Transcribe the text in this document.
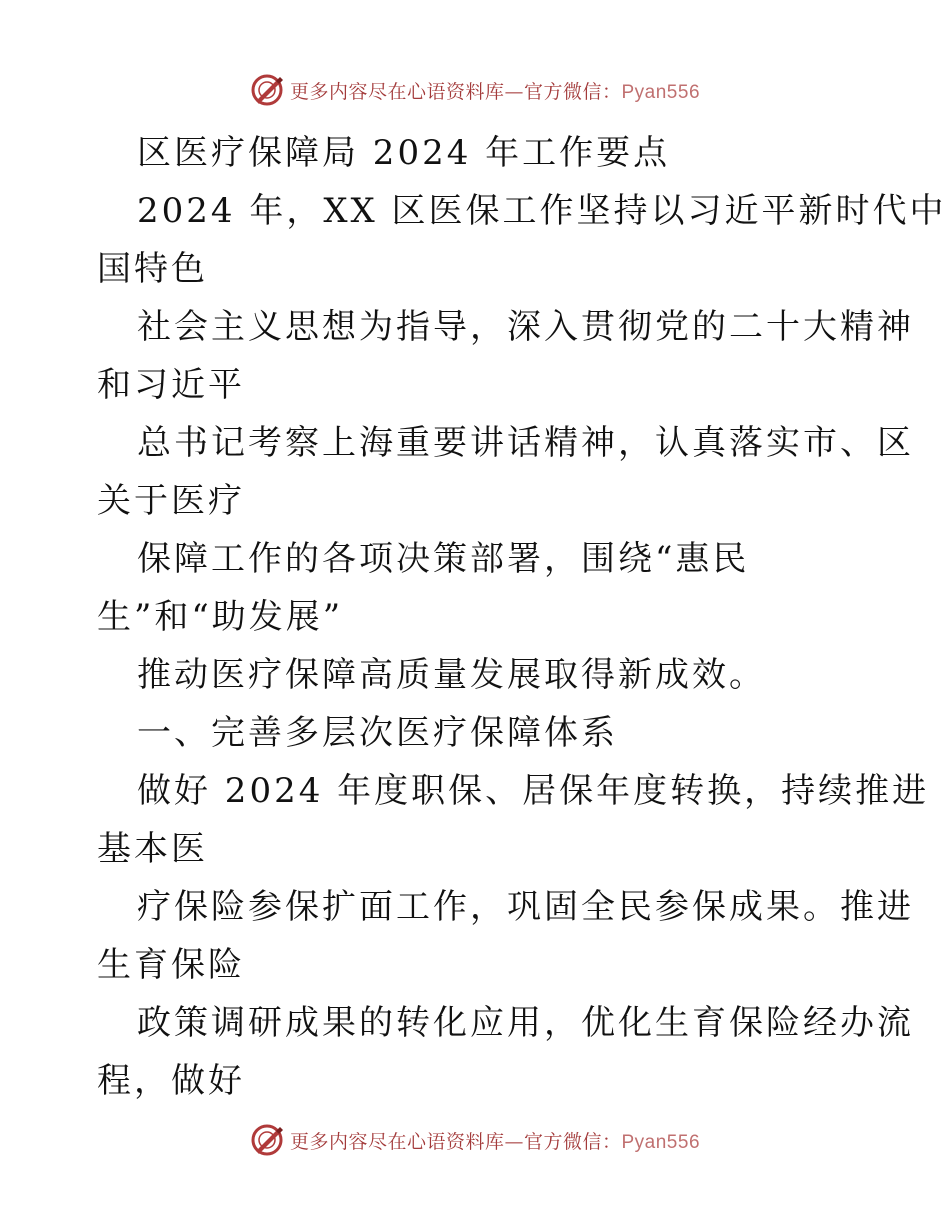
更多内容尽在心语资料库—官方微信：Pyan556
区医疗保障局 2024 年工作要点
2024 年，XX 区医保工作坚持以习近平新时代中
国特色
社会主义思想为指导，深入贯彻党的二十大精神
和习近平
总书记考察上海重要讲话精神，认真落实市、区
关于医疗
保障工作的各项决策部署，围绕“惠民
生”和“助发展”
推动医疗保障高质量发展取得新成效。
一、完善多层次医疗保障体系
做好 2024 年度职保、居保年度转换，持续推进
基本医
疗保险参保扩面工作，巩固全民参保成果。推进
生育保险
政策调研成果的转化应用，优化生育保险经办流
程，做好
更多内容尽在心语资料库—官方微信：Pyan556
